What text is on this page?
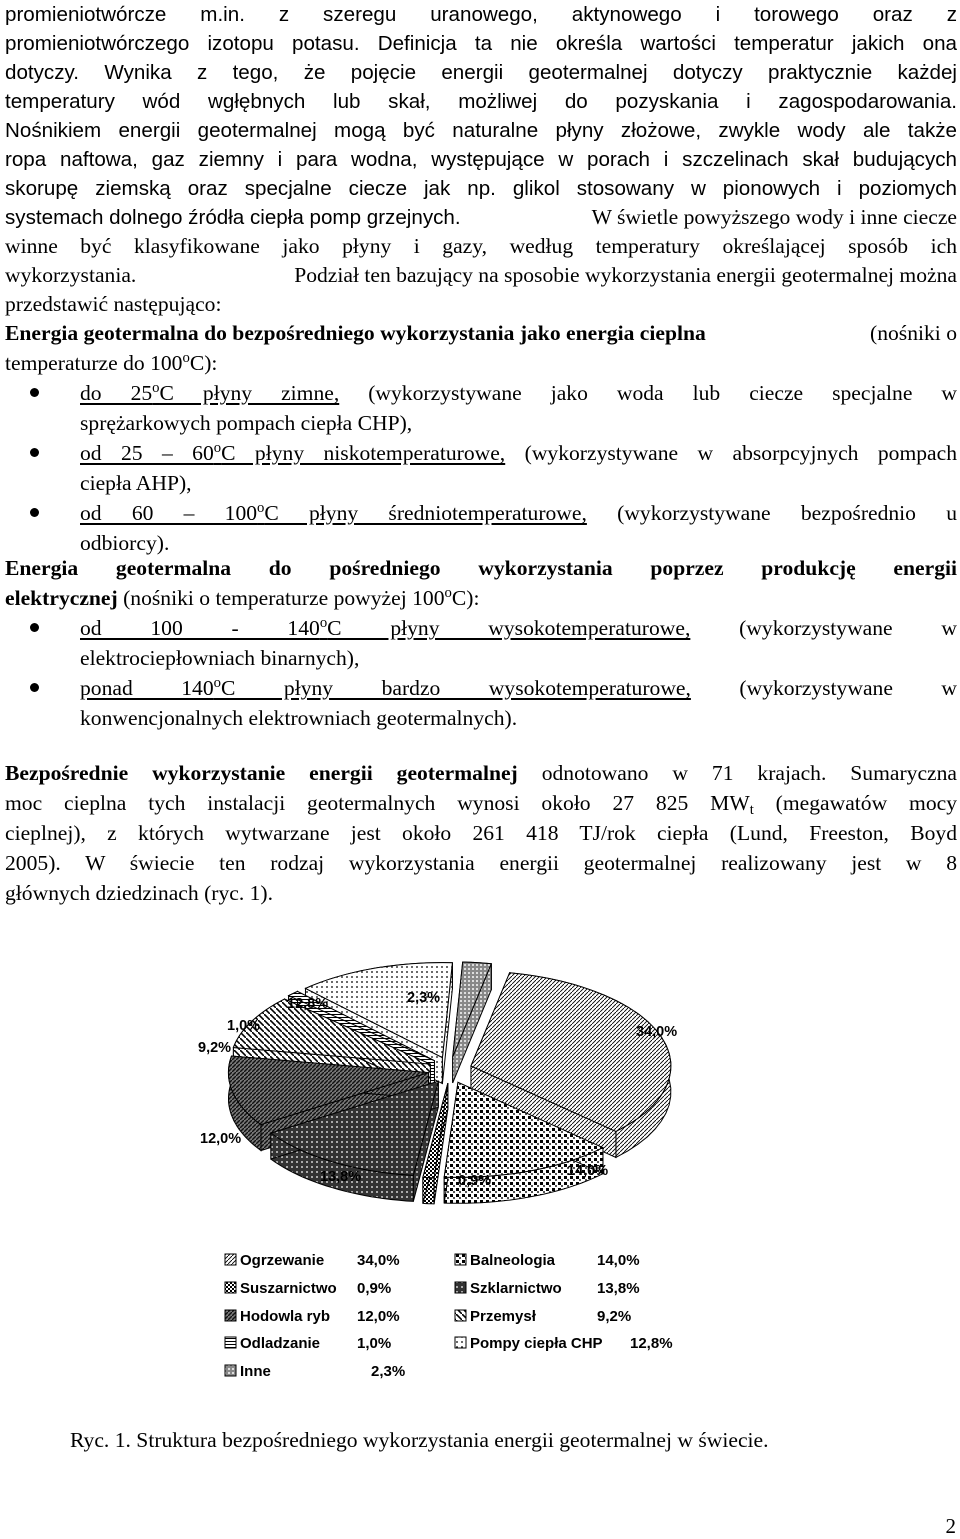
promieniotwórcze m.in. z szeregu uranowego, aktynowego i torowego oraz z

promieniotwórczego izotopu potasu. Definicja ta nie określa wartości temperatur jakich ona

dotyczy. Wynika z tego, że pojęcie energii geotermalnej dotyczy praktycznie każdej

temperatury wód wgłębnych lub skał, możliwej do pozyskania i zagospodarowania.

Nośnikiem energii geotermalnej mogą być naturalne płyny złożowe, zwykle wody ale także

ropa naftowa, gaz ziemny i para wodna, występujące w porach i szczelinach skał budujących

skorupę ziemską oraz specjalne ciecze jak np. glikol stosowany w pionowych i poziomych

systemach dolnego źródła ciepła pomp grzejnych.	W świetle powyższego wody i inne ciecze

winne być klasyfikowane jako płyny i gazy, według temperatury określającej sposób ich

wykorzystania.	Podział ten bazujący na sposobie wykorzystania energii geotermalnej można
przedstawić następująco:
Energia geotermalna do bezpośredniego wykorzystania jako energia cieplna	(nośniki o
temperaturze do 100$^o$C):

do 25$^o$C płyny zimne, (wykorzystywane jako woda lub ciecze specjalne w

sprężarkowych pompach ciepła CHP),

od 25 – 60$^o$C płyny niskotemperaturowe, (wykorzystywane w absorpcyjnych pompach

ciepła AHP),

od 60 – 100$^o$C płyny średniotemperaturowe, (wykorzystywane bezpośrednio u

odbiorcy).

Energia geotermalna do pośredniego wykorzystania poprzez produkcję energii

elektrycznej (nośniki o temperaturze powyżej 100$^o$C):

od 100 - 140$^o$C płyny wysokotemperaturowe, (wykorzystywane w

elektrociepłowniach binarnych),

ponad 140$^o$C płyny bardzo wysokotemperaturowe, (wykorzystywane w

konwencjonalnych elektrowniach geotermalnych).

Bezpośrednie wykorzystanie energii geotermalnej odnotowano w 71 krajach. Sumaryczna

moc cieplna tych instalacji geotermalnych wynosi około 27 825 $MW_t$ (megawatów mocy

cieplnej), z których wytwarzane jest około 261 418 TJ/rok ciepła (Lund, Freeston, Boyd

2005). W świecie ten rodzaj wykorzystania energii geotermalnej realizowany jest w 8

głównych dziedzinach (ryc. 1).

12,0%
13,8%	0,9%
14,0%
34,0%
12,8%	2,3%
1,0%
9,2%
Ogrzewanie 34,0%
Suszarnictwo 0,9%
Hodowla ryb 12,0%
Odladzanie 1,0%
Inne	2,3%
Balneologia	14,0%
Szklarnictwo 13,8%
Przemysł	9,2%
Pompy ciepła CHP 12,8%
Ryc. 1. Struktura bezpośredniego wykorzystania energii geotermalnej w świecie.
2
